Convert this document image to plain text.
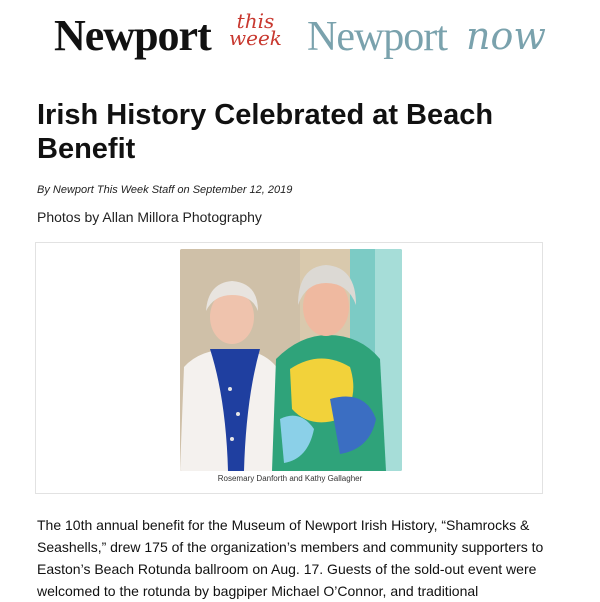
Newport	this
week Newport now
Irish History Celebrated at Beach Benefit
By Newport This Week Staff on September 12, 2019
Photos by Allan Millora Photography
Rosemary Danforth and Kathy Gallagher

The 10th annual benefit for the Museum of Newport Irish History, “Shamrocks & Seashells,” drew 175 of the organization’s members and community supporters to Easton’s Beach Rotunda ballroom on Aug. 17. Guests of the sold-out event were welcomed to the rotunda by bagpiper Michael O’Connor, and traditional
